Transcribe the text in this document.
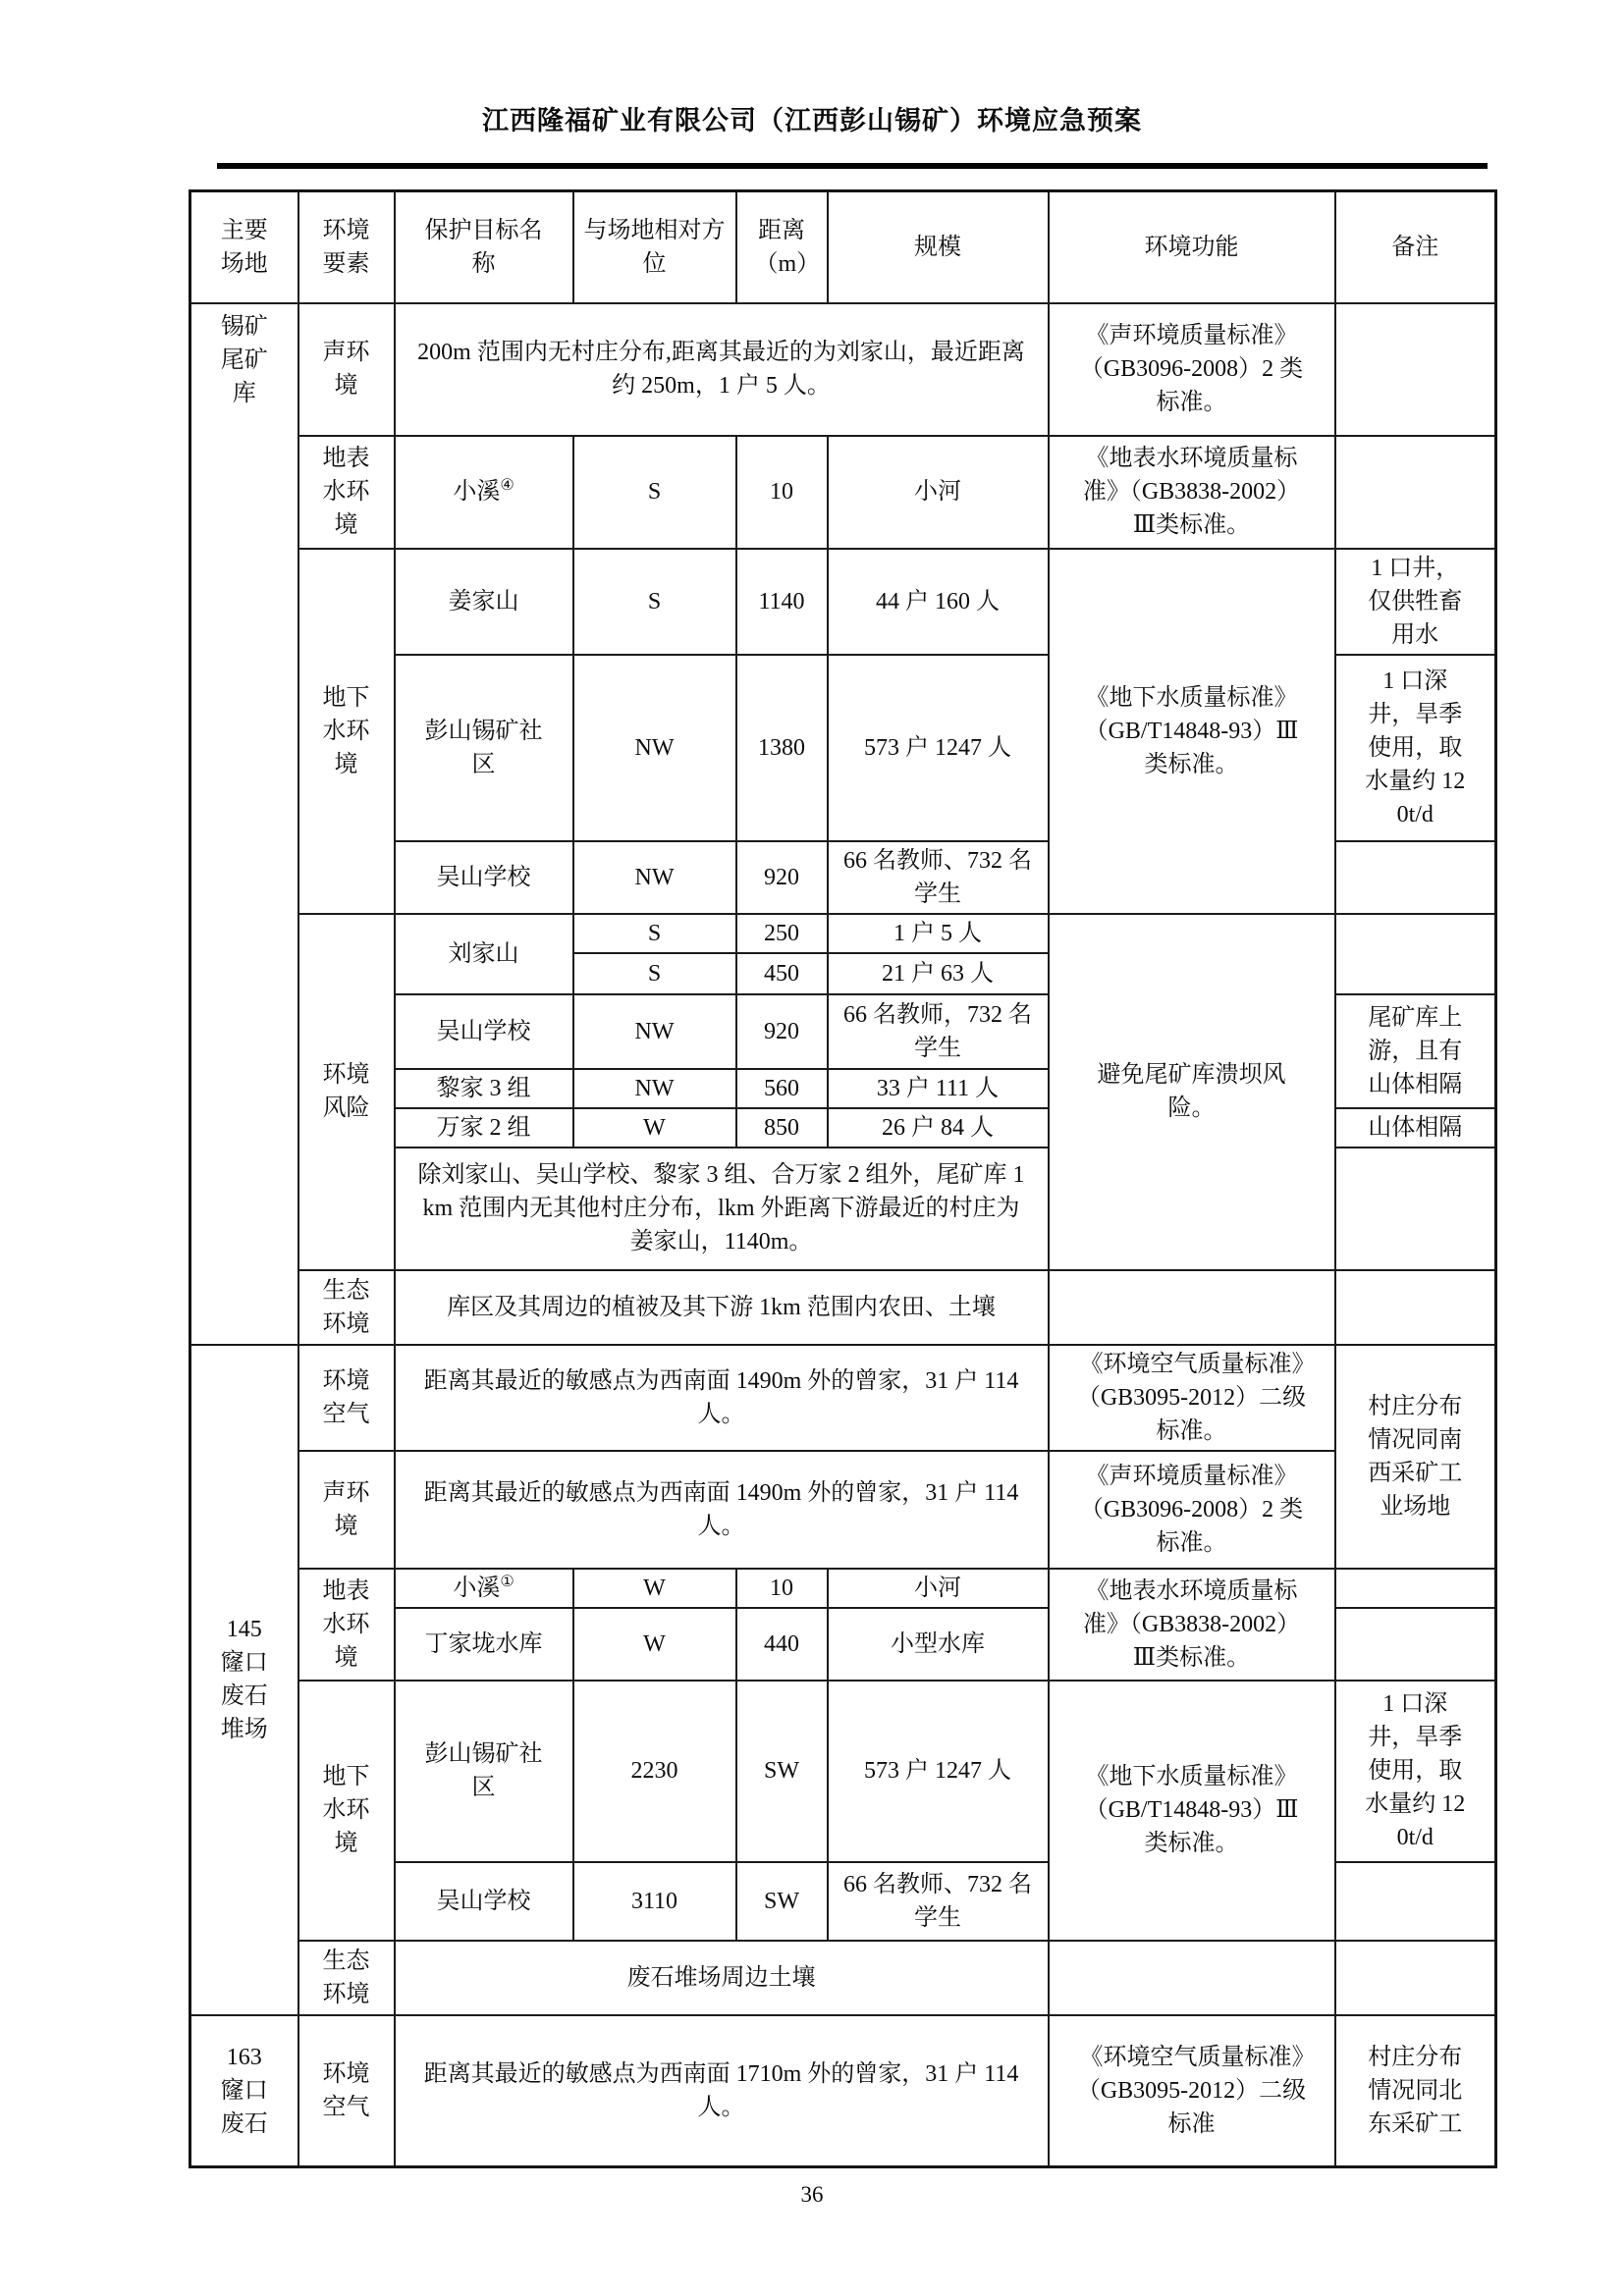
江西隆福矿业有限公司（江西彭山锡矿）环境应急预案
主要场地	环境要素	保护目标名称	与场地相对方位	距离（m）	规模	环境功能	备注
锡矿尾矿库	声环境	200m 范围内无村庄分布,距离其最近的为刘家山，最近距离约 250m，1 户 5 人。				《声环境质量标准》（GB3096-2008）2 类标准。	
	地表水环境	小溪④	S	10	小河	《地表水环境质量标准》（GB3838-2002）Ⅲ类标准。	
	地下水环境	姜家山	S	1140	44 户 160 人	《地下水质量标准》（GB/T14848-93）Ⅲ类标准。	1 口井，仅供牲畜用水
		彭山锡矿社区	NW	1380	573 户 1247 人		1 口深井，旱季使用，取水量约 120t/d
		吴山学校	NW	920	66 名教师、732 名学生		
	环境风险	刘家山	S	250	1 户 5 人	避免尾矿库溃坝风险。	
			S	450	21 户 63 人		
		吴山学校	NW	920	66 名教师，732 名学生		尾矿库上游，且有山体相隔
		黎家 3 组	NW	560	33 户 111 人		
		万家 2 组	W	850	26 户 84 人		山体相隔
		除刘家山、吴山学校、黎家 3 组、合万家 2 组外，尾矿库 1km 范围内无其他村庄分布，lkm 外距离下游最近的村庄为姜家山，1140m。					
	生态环境	库区及其周边的植被及其下游 1km 范围内农田、土壤					
145 窿口废石堆场	环境空气	距离其最近的敏感点为西南面 1490m 外的曾家，31 户 114 人。				《环境空气质量标准》（GB3095-2012）二级标准。	村庄分布情况同南西采矿工业场地
	声环境	距离其最近的敏感点为西南面 1490m 外的曾家，31 户 114 人。				《声环境质量标准》（GB3096-2008）2 类标准。	
	地表水环境	小溪①	W	10	小河	《地表水环境质量标准》（GB3838-2002）Ⅲ类标准。	
		丁家垅水库	W	440	小型水库		
	地下水环境	彭山锡矿社区	2230	SW	573 户 1247 人	《地下水质量标准》（GB/T14848-93）Ⅲ类标准。	1 口深井，旱季使用，取水量约 120t/d
		吴山学校	3110	SW	66 名教师、732 名学生		
	生态环境	废石堆场周边土壤					
163 窿口废石	环境空气	距离其最近的敏感点为西南面 1710m 外的曾家，31 户 114 人。				《环境空气质量标准》（GB3095-2012）二级标准	村庄分布情况同北东采矿工
36
